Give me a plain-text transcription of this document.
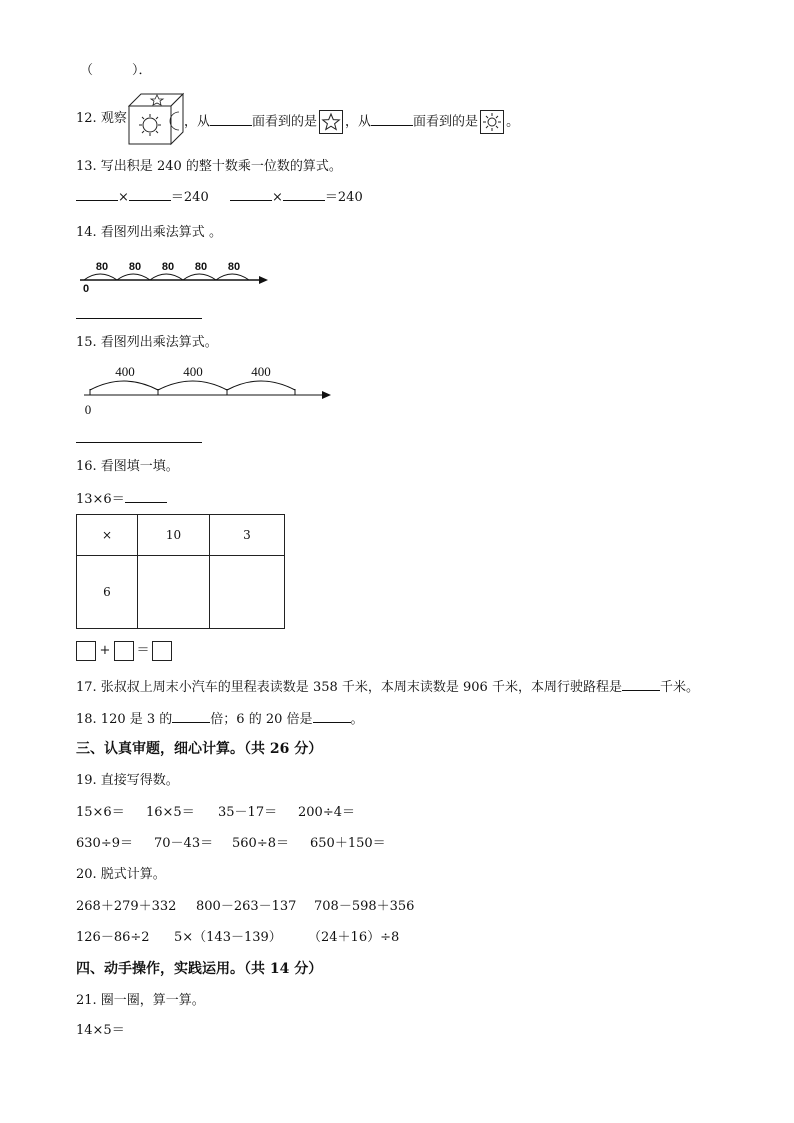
（　　　）．
12. 观察	，从	面看到的是 ，从	面看到的是 。
13. 写出积是 240 的整十数乘一位数的算式。
×	＝240	×	＝240
14. 看图列出乘法算式 。
80 80 80 80 80
0
15. 看图列出乘法算式。
400	400	400
0
16. 看图填一填。
13×6＝
×	10	3
6		
+ ＝
17. 张叔叔上周末小汽车的里程表读数是 358 千米，本周末读数是 906 千米，本周行驶路程是	千米。
18. 120 是 3 的	倍；6 的 20 倍是	。
三、认真审题，细心计算。（共 26 分）
19. 直接写得数。
15×6＝ 16×5＝ 35－17＝ 200÷4＝
630÷9＝ 70－43＝ 560÷8＝ 650＋150＝
20. 脱式计算。
268＋279＋332 800－263－137 708－598＋356
126－86÷2 5×（143－139） （24＋16）÷8
四、动手操作，实践运用。（共 14 分）
21. 圈一圈，算一算。
14×5＝
